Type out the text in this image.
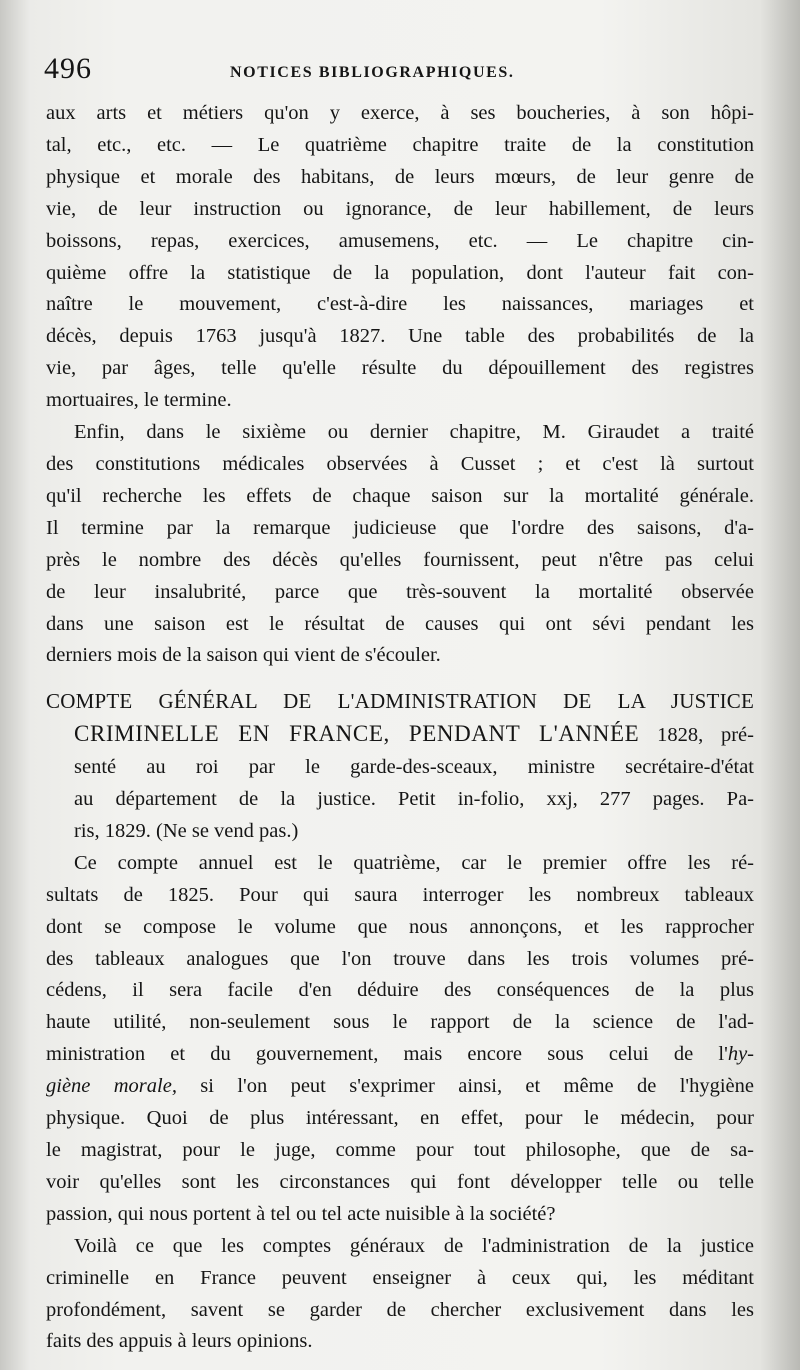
496	NOTICES BIBLIOGRAPHIQUES.
aux arts et métiers qu'on y exerce, à ses boucheries, à son hôpi-
tal, etc., etc. — Le quatrième chapitre traite de la constitution
physique et morale des habitans, de leurs mœurs, de leur genre de
vie, de leur instruction ou ignorance, de leur habillement, de leurs
boissons, repas, exercices, amusemens, etc. — Le chapitre cin-
quième offre la statistique de la population, dont l'auteur fait con-
naître le mouvement, c'est-à-dire les naissances, mariages et
décès, depuis 1763 jusqu'à 1827. Une table des probabilités de la
vie, par âges, telle qu'elle résulte du dépouillement des registres
mortuaires, le termine.
Enfin, dans le sixième ou dernier chapitre, M. Giraudet a traité
des constitutions médicales observées à Cusset ; et c'est là surtout
qu'il recherche les effets de chaque saison sur la mortalité générale.
Il termine par la remarque judicieuse que l'ordre des saisons, d'a-
près le nombre des décès qu'elles fournissent, peut n'être pas celui
de leur insalubrité, parce que très-souvent la mortalité observée
dans une saison est le résultat de causes qui ont sévi pendant les
derniers mois de la saison qui vient de s'écouler.
COMPTE GÉNÉRAL DE L'ADMINISTRATION DE LA JUSTICE
CRIMINELLE EN FRANCE, PENDANT L'ANNÉE 1828, pré-
senté au roi par le garde-des-sceaux, ministre secrétaire-d'état
au département de la justice. Petit in-folio, xxj, 277 pages. Pa-
ris, 1829. (Ne se vend pas.)
Ce compte annuel est le quatrième, car le premier offre les ré-
sultats de 1825. Pour qui saura interroger les nombreux tableaux
dont se compose le volume que nous annonçons, et les rapprocher
des tableaux analogues que l'on trouve dans les trois volumes pré-
cédens, il sera facile d'en déduire des conséquences de la plus
haute utilité, non-seulement sous le rapport de la science de l'ad-
ministration et du gouvernement, mais encore sous celui de l'hy-
giène morale, si l'on peut s'exprimer ainsi, et même de l'hygiène
physique. Quoi de plus intéressant, en effet, pour le médecin, pour
le magistrat, pour le juge, comme pour tout philosophe, que de sa-
voir qu'elles sont les circonstances qui font développer telle ou telle
passion, qui nous portent à tel ou tel acte nuisible à la société?
Voilà ce que les comptes généraux de l'administration de la justice
criminelle en France peuvent enseigner à ceux qui, les méditant
profondément, savent se garder de chercher exclusivement dans les
faits des appuis à leurs opinions.
